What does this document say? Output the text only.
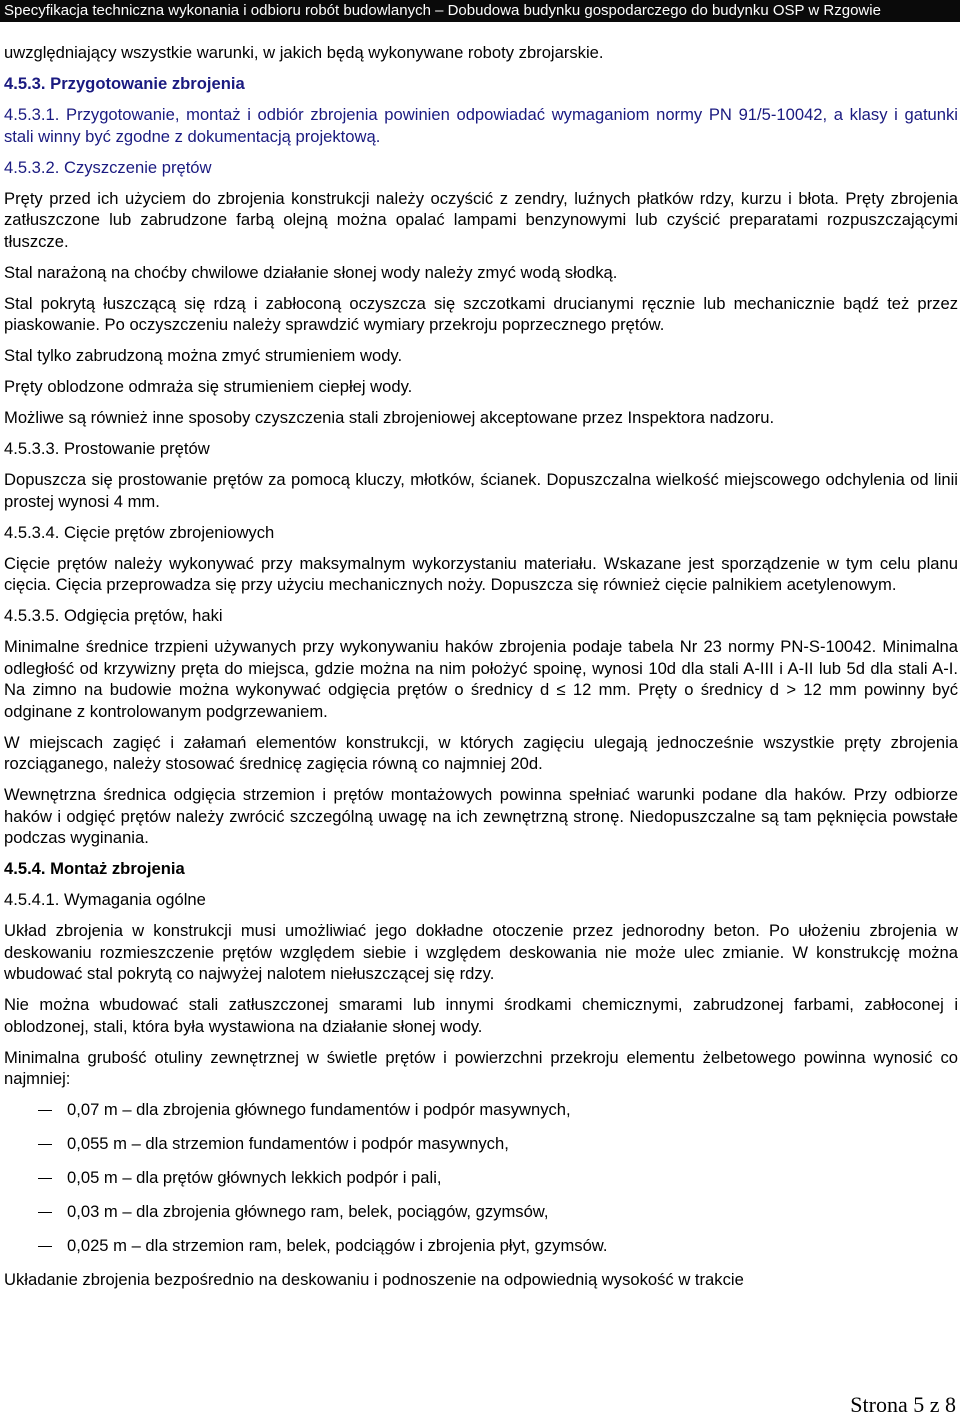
Specyfikacja techniczna wykonania i odbioru robót budowlanych – Dobudowa budynku gospodarczego do budynku OSP w Rzgowie

uwzględniający wszystkie warunki, w jakich będą wykonywane roboty zbrojarskie.

4.5.3. Przygotowanie zbrojenia

4.5.3.1. Przygotowanie, montaż i odbiór zbrojenia powinien odpowiadać wymaganiom normy PN 91/5-10042, a klasy i gatunki stali winny być zgodne z dokumentacją projektową.

4.5.3.2. Czyszczenie prętów

Pręty przed ich użyciem do zbrojenia konstrukcji należy oczyścić z zendry, luźnych płatków rdzy, kurzu i błota. Pręty zbrojenia zatłuszczone lub zabrudzone farbą olejną można opalać lampami benzynowymi lub czyścić preparatami rozpuszczającymi tłuszcze.

Stal narażoną na choćby chwilowe działanie słonej wody należy zmyć wodą słodką.

Stal pokrytą łuszczącą się rdzą i zabłoconą oczyszcza się szczotkami drucianymi ręcznie lub mechanicznie bądź też przez piaskowanie. Po oczyszczeniu należy sprawdzić wymiary przekroju poprzecznego prętów.

Stal tylko zabrudzoną można zmyć strumieniem wody.

Pręty oblodzone odmraża się strumieniem ciepłej wody.

Możliwe są również inne sposoby czyszczenia stali zbrojeniowej akceptowane przez Inspektora nadzoru.

4.5.3.3. Prostowanie prętów

Dopuszcza się prostowanie prętów za pomocą kluczy, młotków, ścianek. Dopuszczalna wielkość miejscowego odchylenia od linii prostej wynosi 4 mm.

4.5.3.4. Cięcie prętów zbrojeniowych

Cięcie prętów należy wykonywać przy maksymalnym wykorzystaniu materiału. Wskazane jest sporządzenie w tym celu planu cięcia. Cięcia przeprowadza się przy użyciu mechanicznych noży. Dopuszcza się również cięcie palnikiem acetylenowym.

4.5.3.5. Odgięcia prętów, haki

Minimalne średnice trzpieni używanych przy wykonywaniu haków zbrojenia podaje tabela Nr 23 normy PN-S-10042. Minimalna odległość od krzywizny pręta do miejsca, gdzie można na nim położyć spoinę, wynosi 10d dla stali A-III i A-II lub 5d dla stali A-I. Na zimno na budowie można wykonywać odgięcia prętów o średnicy d ≤ 12 mm. Pręty o średnicy d > 12 mm powinny być odginane z kontrolowanym podgrzewaniem.

W miejscach zagięć i załamań elementów konstrukcji, w których zagięciu ulegają jednocześnie wszystkie pręty zbrojenia rozciąganego, należy stosować średnicę zagięcia równą co najmniej 20d.

Wewnętrzna średnica odgięcia strzemion i prętów montażowych powinna spełniać warunki podane dla haków. Przy odbiorze haków i odgięć prętów należy zwrócić szczególną uwagę na ich zewnętrzną stronę. Niedopuszczalne są tam pęknięcia powstałe podczas wyginania.

4.5.4. Montaż zbrojenia

4.5.4.1. Wymagania ogólne

Układ zbrojenia w konstrukcji musi umożliwiać jego dokładne otoczenie przez jednorodny beton. Po ułożeniu zbrojenia w deskowaniu rozmieszczenie prętów względem siebie i względem deskowania nie może ulec zmianie. W konstrukcję można wbudować stal pokrytą co najwyżej nalotem niełuszczącej się rdzy.

Nie można wbudować stali zatłuszczonej smarami lub innymi środkami chemicznymi, zabrudzonej farbami, zabłoconej i oblodzonej, stali, która była wystawiona na działanie słonej wody.

Minimalna grubość otuliny zewnętrznej w świetle prętów i powierzchni przekroju elementu żelbetowego powinna wynosić co najmniej:

0,07 m – dla zbrojenia głównego fundamentów i podpór masywnych,
0,055 m – dla strzemion fundamentów i podpór masywnych,
0,05 m – dla prętów głównych lekkich podpór i pali,
0,03 m – dla zbrojenia głównego ram, belek, pociągów, gzymsów,
0,025 m – dla strzemion ram, belek, podciągów i zbrojenia płyt, gzymsów.

Układanie zbrojenia bezpośrednio na deskowaniu i podnoszenie na odpowiednią wysokość w trakcie

Strona 5 z 8
